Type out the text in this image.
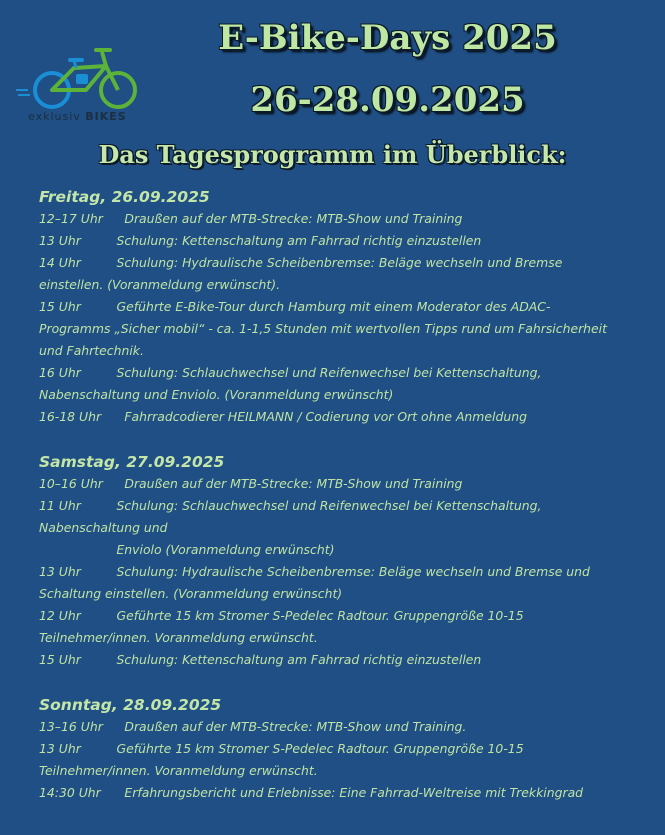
exklusiv BIKES
E-Bike-Days 2025
26-28.09.2025
Das Tagesprogramm im Überblick:
Freitag, 26.09.2025
12–17 Uhr Draußen auf der MTB-Strecke: MTB-Show und Training
13 Uhr	Schulung: Kettenschaltung am Fahrrad richtig einzustellen
14 Uhr	Schulung: Hydraulische Scheibenbremse: Beläge wechseln und Bremse
einstellen. (Voranmeldung erwünscht).
15 Uhr	Geführte E-Bike-Tour durch Hamburg mit einem Moderator des ADAC-
Programms „Sicher mobil“ - ca. 1-1,5 Stunden mit wertvollen Tipps rund um Fahrsicherheit
und Fahrtechnik.
16 Uhr	Schulung: Schlauchwechsel und Reifenwechsel bei Kettenschaltung,
Nabenschaltung und Enviolo. (Voranmeldung erwünscht)
16-18 Uhr Fahrradcodierer HEILMANN / Codierung vor Ort ohne Anmeldung
Samstag, 27.09.2025
10–16 Uhr Draußen auf der MTB-Strecke: MTB-Show und Training
11 Uhr	Schulung: Schlauchwechsel und Reifenwechsel bei Kettenschaltung,
Nabenschaltung und
Enviolo (Voranmeldung erwünscht)
13 Uhr	Schulung: Hydraulische Scheibenbremse: Beläge wechseln und Bremse und
Schaltung einstellen. (Voranmeldung erwünscht)
12 Uhr	Geführte 15 km Stromer S-Pedelec Radtour. Gruppengröße 10-15
Teilnehmer/innen. Voranmeldung erwünscht.
15 Uhr	Schulung: Kettenschaltung am Fahrrad richtig einzustellen
Sonntag, 28.09.2025
13–16 Uhr Draußen auf der MTB-Strecke: MTB-Show und Training.
13 Uhr	Geführte 15 km Stromer S-Pedelec Radtour. Gruppengröße 10-15
Teilnehmer/innen. Voranmeldung erwünscht.
14:30 Uhr Erfahrungsbericht und Erlebnisse: Eine Fahrrad-Weltreise mit Trekkingrad
